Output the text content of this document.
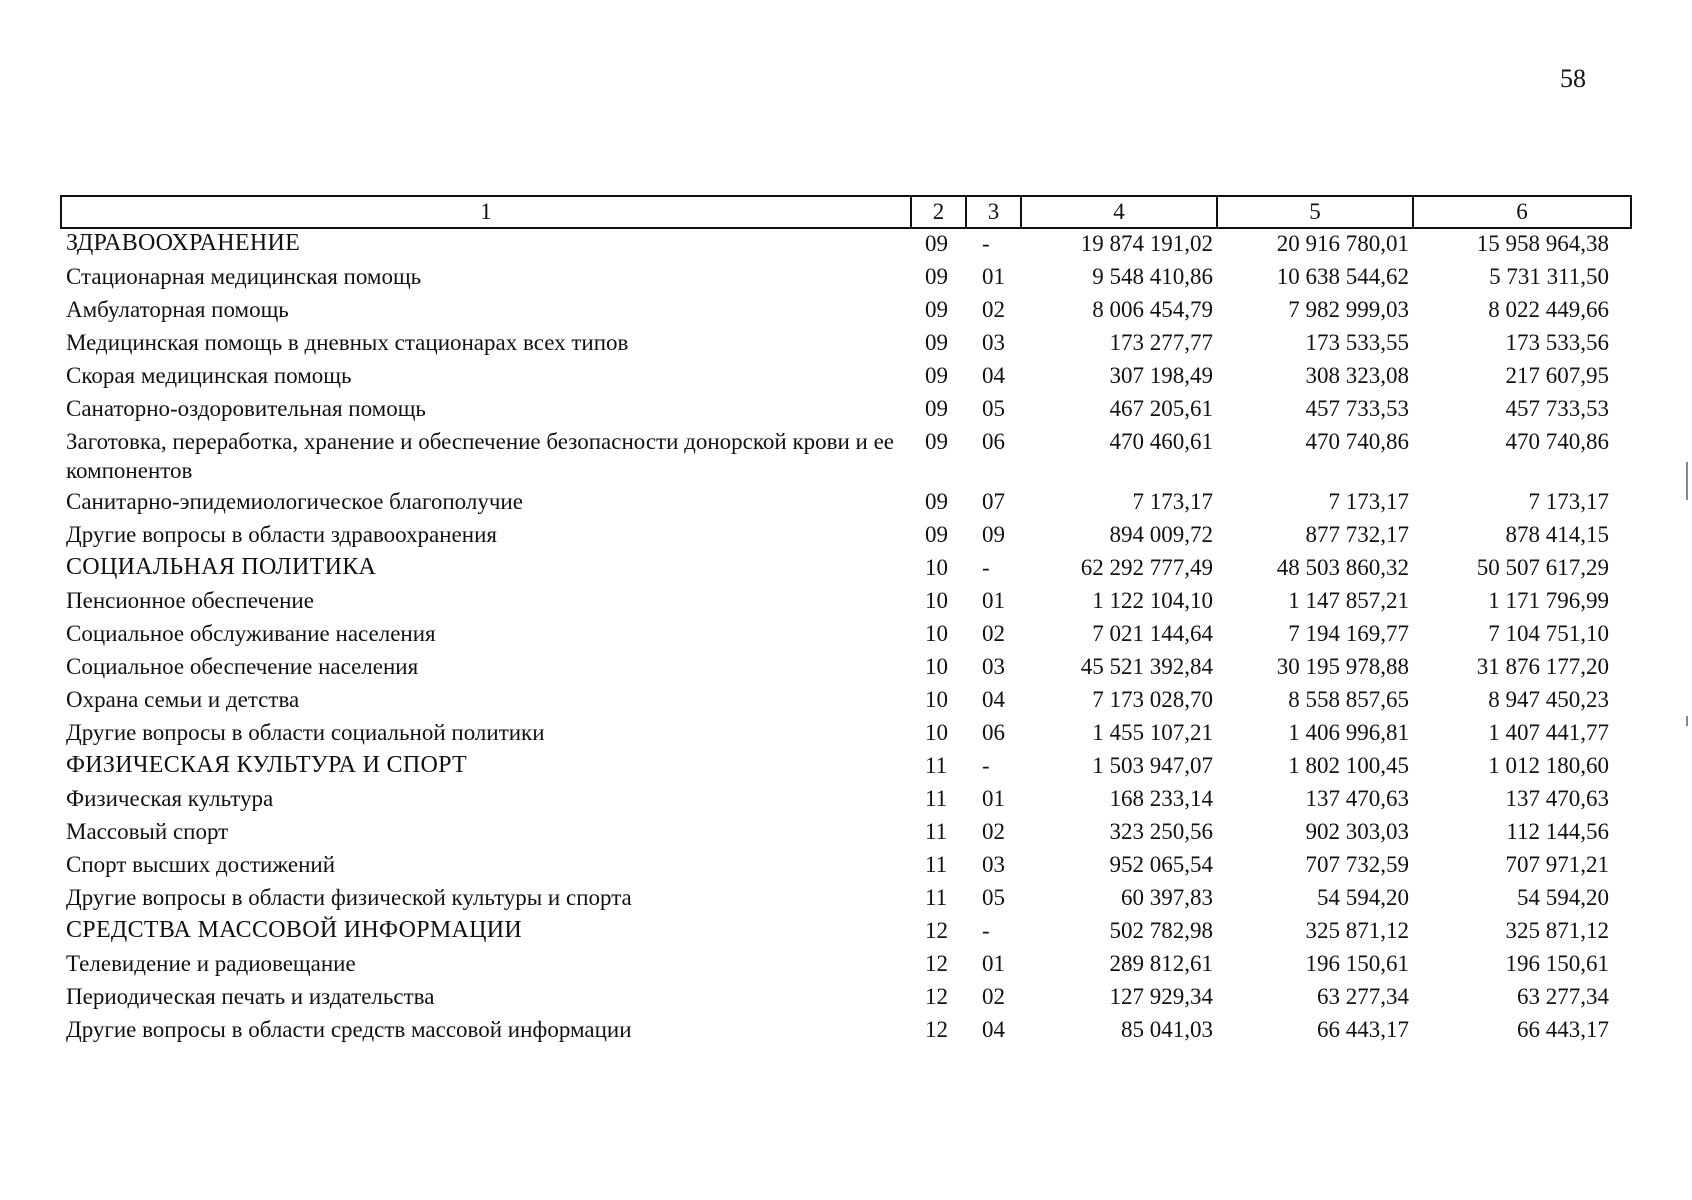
58
1	2	3	4	5	6
ЗДРАВООХРАНЕНИЕ	09	-	19 874 191,02	20 916 780,01	15 958 964,38
Стационарная медицинская помощь	09	01	9 548 410,86	10 638 544,62	5 731 311,50
Амбулаторная помощь	09	02	8 006 454,79	7 982 999,03	8 022 449,66
Медицинская помощь в дневных стационарах всех типов	09	03	173 277,77	173 533,55	173 533,56
Скорая медицинская помощь	09	04	307 198,49	308 323,08	217 607,95
Санаторно-оздоровительная помощь	09	05	467 205,61	457 733,53	457 733,53
Заготовка, переработка, хранение и обеспечение безопасности донорской крови и ее компонентов	09	06	470 460,61	470 740,86	470 740,86
Санитарно-эпидемиологическое благополучие	09	07	7 173,17	7 173,17	7 173,17
Другие вопросы в области здравоохранения	09	09	894 009,72	877 732,17	878 414,15
СОЦИАЛЬНАЯ ПОЛИТИКА	10	-	62 292 777,49	48 503 860,32	50 507 617,29
Пенсионное обеспечение	10	01	1 122 104,10	1 147 857,21	1 171 796,99
Социальное обслуживание населения	10	02	7 021 144,64	7 194 169,77	7 104 751,10
Социальное обеспечение населения	10	03	45 521 392,84	30 195 978,88	31 876 177,20
Охрана семьи и детства	10	04	7 173 028,70	8 558 857,65	8 947 450,23
Другие вопросы в области социальной политики	10	06	1 455 107,21	1 406 996,81	1 407 441,77
ФИЗИЧЕСКАЯ КУЛЬТУРА И СПОРТ	11	-	1 503 947,07	1 802 100,45	1 012 180,60
Физическая культура	11	01	168 233,14	137 470,63	137 470,63
Массовый спорт	11	02	323 250,56	902 303,03	112 144,56
Спорт высших достижений	11	03	952 065,54	707 732,59	707 971,21
Другие вопросы в области физической культуры и спорта	11	05	60 397,83	54 594,20	54 594,20
СРЕДСТВА МАССОВОЙ ИНФОРМАЦИИ	12	-	502 782,98	325 871,12	325 871,12
Телевидение и радиовещание	12	01	289 812,61	196 150,61	196 150,61
Периодическая печать и издательства	12	02	127 929,34	63 277,34	63 277,34
Другие вопросы в области средств массовой информации	12	04	85 041,03	66 443,17	66 443,17
